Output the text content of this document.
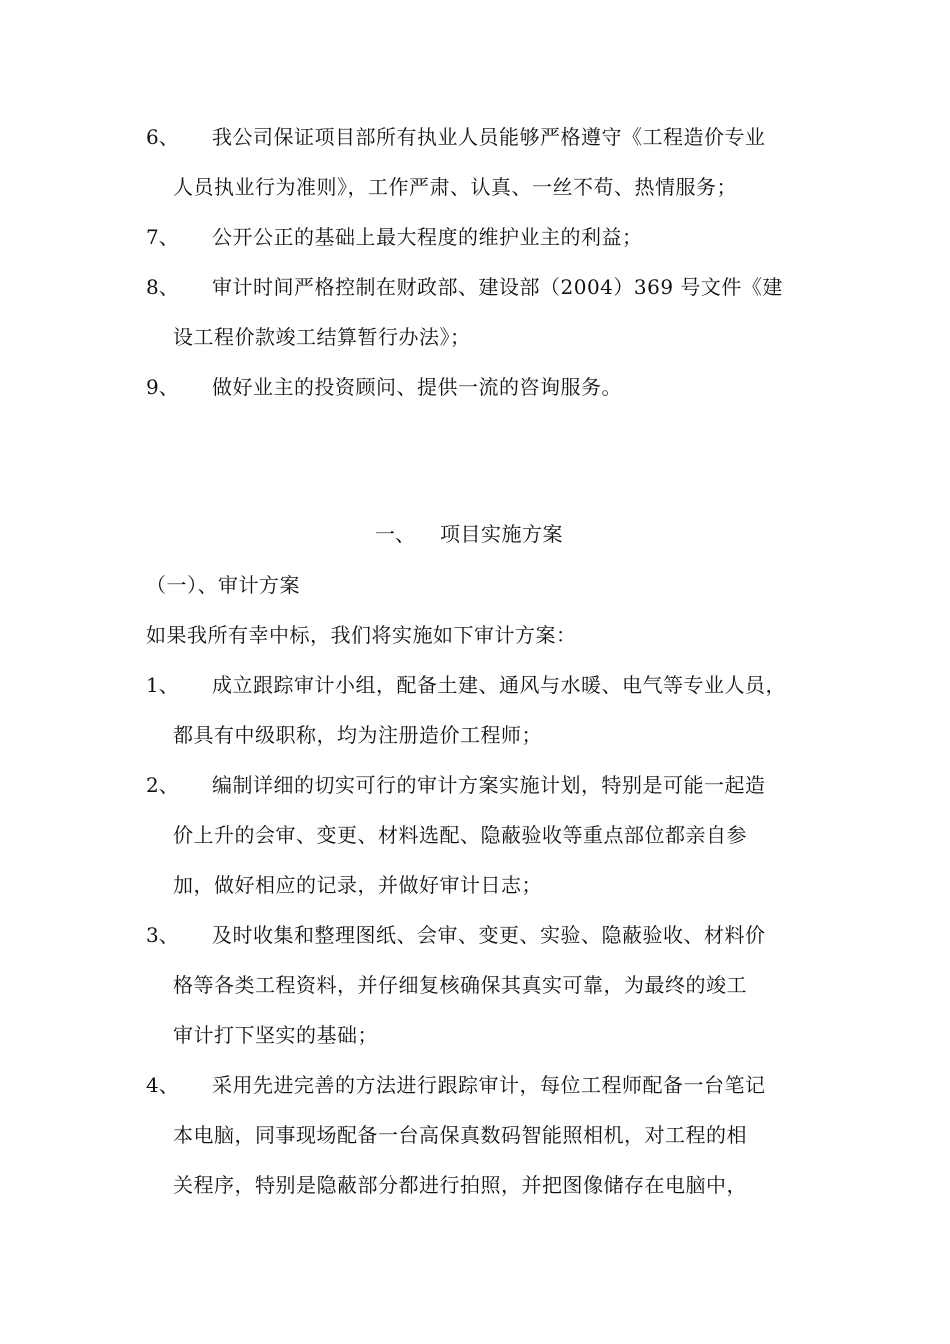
6、 我公司保证项目部所有执业人员能够严格遵守《工程造价专业
人员执业行为准则》，工作严肃、认真、一丝不苟、热情服务；
7、 公开公正的基础上最大程度的维护业主的利益；
8、 审计时间严格控制在财政部、建设部（2004）369 号文件《建
设工程价款竣工结算暂行办法》；
9、 做好业主的投资顾问、提供一流的咨询服务。
一、 项目实施方案
（一）、审计方案
如果我所有幸中标，我们将实施如下审计方案：
1、 成立跟踪审计小组，配备土建、通风与水暖、电气等专业人员，
都具有中级职称，均为注册造价工程师；
2、 编制详细的切实可行的审计方案实施计划，特别是可能一起造
价上升的会审、变更、材料选配、隐蔽验收等重点部位都亲自参
加，做好相应的记录，并做好审计日志；
3、 及时收集和整理图纸、会审、变更、实验、隐蔽验收、材料价
格等各类工程资料，并仔细复核确保其真实可靠，为最终的竣工
审计打下坚实的基础；
4、 采用先进完善的方法进行跟踪审计，每位工程师配备一台笔记
本电脑，同事现场配备一台高保真数码智能照相机，对工程的相
关程序，特别是隐蔽部分都进行拍照，并把图像储存在电脑中，
